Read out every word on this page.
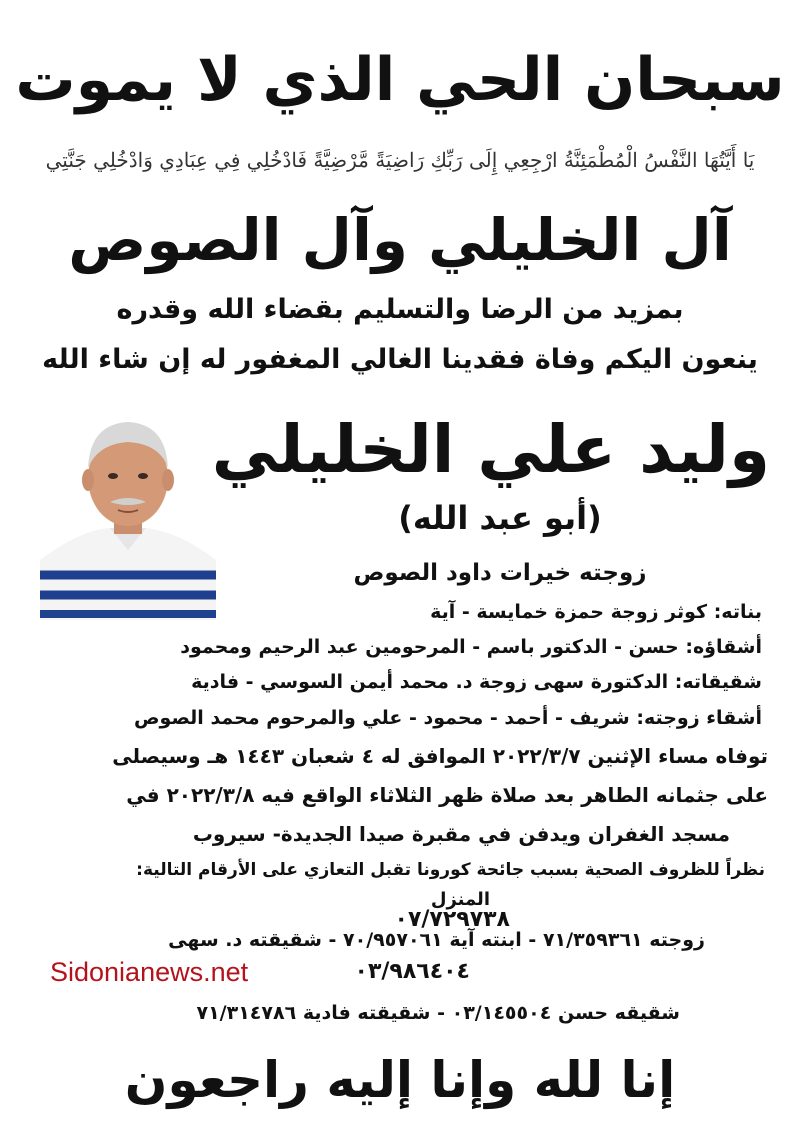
سبحان الحي الذي لا يموت
يَا أَيَّتُهَا النَّفْسُ الْمُطْمَئِنَّةُ ارْجِعِي إِلَى رَبِّكِ رَاضِيَةً مَّرْضِيَّةً فَادْخُلِي فِي عِبَادِي وَادْخُلِي جَنَّتِي
آل الخليلي وآل الصوص
بمزيد من الرضا والتسليم بقضاء الله وقدره
ينعون اليكم وفاة فقدينا الغالي المغفور له إن شاء الله
وليد علي الخليلي
(أبو عبد الله)
زوجته خيرات داود الصوص
بناته: كوثر زوجة حمزة خمايسة - آية
أشقاؤه: حسن - الدكتور باسم - المرحومين عبد الرحيم ومحمود
شقيقاته: الدكتورة سهى زوجة د. محمد أيمن السوسي - فادية
أشقاء زوجته: شريف - أحمد - محمود - علي والمرحوم محمد الصوص
توفاه مساء الإثنين ٢٠٢٢/٣/٧ الموافق له ٤ شعبان ١٤٤٣ هـ وسيصلى
على جثمانه الطاهر بعد صلاة ظهر الثلاثاء الواقع فيه ٢٠٢٢/٣/٨ في
مسجد الغفران ويدفن في مقبرة صيدا الجديدة- سيروب
نظراً للظروف الصحية بسبب جائحة كورونا تقبل التعازي على الأرقام التالية:
المنزل
٠٧/٧٢٩٧٣٨
زوجته ٧١/٣٥٩٣٦١ - ابنته آية ٧٠/٩٥٧٠٦١ - شقيقته د. سهى
٠٣/٩٨٦٤٠٤
شقيقه حسن ٠٣/١٤٥٥٠٤ - شقيقته فادية ٧١/٣١٤٧٨٦
Sidonianews.net
إنا لله وإنا إليه راجعون
